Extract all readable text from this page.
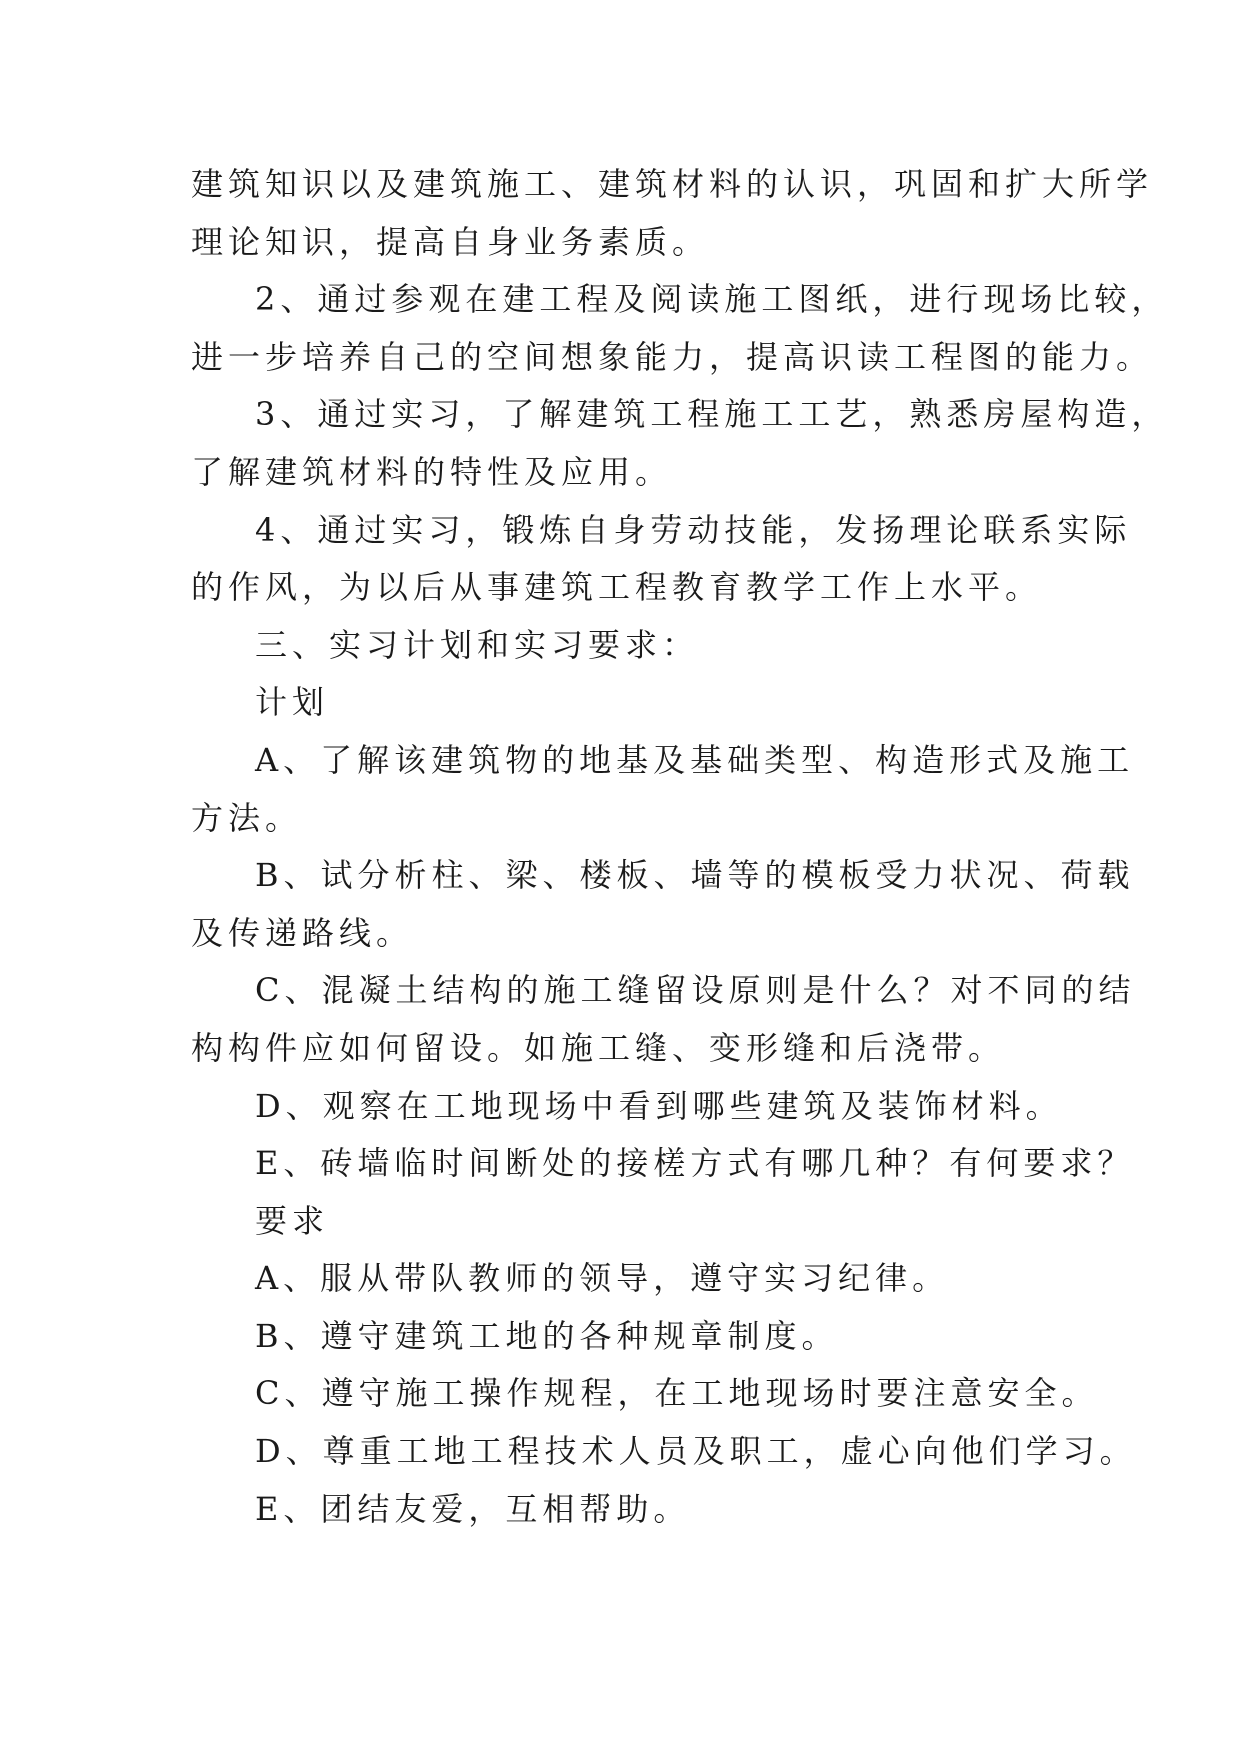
建筑知识以及建筑施工、建筑材料的认识，巩固和扩大所学

理论知识，提高自身业务素质。

2、通过参观在建工程及阅读施工图纸，进行现场比较，

进一步培养自己的空间想象能力，提高识读工程图的能力。

3、通过实习，了解建筑工程施工工艺，熟悉房屋构造，

了解建筑材料的特性及应用。

4、通过实习，锻炼自身劳动技能，发扬理论联系实际

的作风，为以后从事建筑工程教育教学工作上水平。

三、实习计划和实习要求：

计划

A、了解该建筑物的地基及基础类型、构造形式及施工

方法。

B、试分析柱、梁、楼板、墙等的模板受力状况、荷载

及传递路线。

C、混凝土结构的施工缝留设原则是什么？对不同的结

构构件应如何留设。如施工缝、变形缝和后浇带。

D、观察在工地现场中看到哪些建筑及装饰材料。

E、砖墙临时间断处的接槎方式有哪几种？有何要求？

要求

A、服从带队教师的领导，遵守实习纪律。

B、遵守建筑工地的各种规章制度。

C、遵守施工操作规程，在工地现场时要注意安全。

D、尊重工地工程技术人员及职工，虚心向他们学习。

E、团结友爱，互相帮助。
